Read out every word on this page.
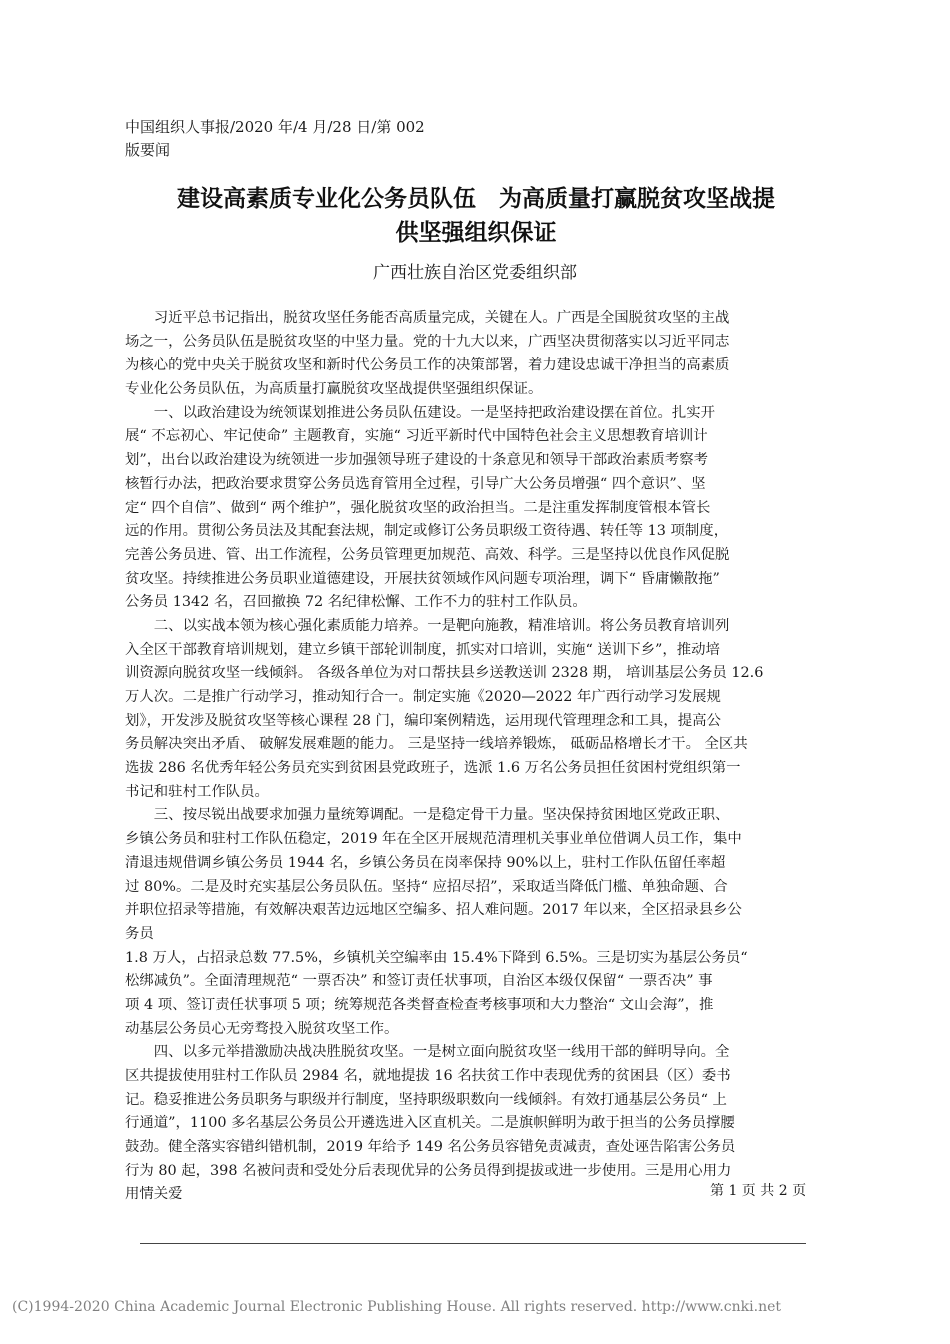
中国组织人事报/2020 年/4 月/28 日/第 002
版要闻
建设高素质专业化公务员队伍　为高质量打赢脱贫攻坚战提
供坚强组织保证
广西壮族自治区党委组织部
　　习近平总书记指出，脱贫攻坚任务能否高质量完成，关键在人。广西是全国脱贫攻坚的主战
场之一，公务员队伍是脱贫攻坚的中坚力量。党的十九大以来，广西坚决贯彻落实以习近平同志
为核心的党中央关于脱贫攻坚和新时代公务员工作的决策部署，着力建设忠诚干净担当的高素质
专业化公务员队伍，为高质量打赢脱贫攻坚战提供坚强组织保证。
　　一、以政治建设为统领谋划推进公务员队伍建设。一是坚持把政治建设摆在首位。扎实开
展“ 不忘初心、牢记使命” 主题教育，实施“ 习近平新时代中国特色社会主义思想教育培训计
划”，出台以政治建设为统领进一步加强领导班子建设的十条意见和领导干部政治素质考察考
核暂行办法，把政治要求贯穿公务员选育管用全过程，引导广大公务员增强“ 四个意识”、坚
定“ 四个自信”、做到“ 两个维护”，强化脱贫攻坚的政治担当。二是注重发挥制度管根本管长
远的作用。贯彻公务员法及其配套法规，制定或修订公务员职级工资待遇、转任等 13 项制度，
完善公务员进、管、出工作流程，公务员管理更加规范、高效、科学。三是坚持以优良作风促脱
贫攻坚。持续推进公务员职业道德建设，开展扶贫领域作风问题专项治理，调下“ 昏庸懒散拖”
公务员 1342 名，召回撤换 72 名纪律松懈、工作不力的驻村工作队员。
　　二、以实战本领为核心强化素质能力培养。一是靶向施教，精准培训。将公务员教育培训列
入全区干部教育培训规划，建立乡镇干部轮训制度，抓实对口培训，实施“ 送训下乡”，推动培
训资源向脱贫攻坚一线倾斜。 各级各单位为对口帮扶县乡送教送训 2328 期， 培训基层公务员 12.6
万人次。二是推广行动学习，推动知行合一。制定实施《2020—2022 年广西行动学习发展规
划》，开发涉及脱贫攻坚等核心课程 28 门，编印案例精选，运用现代管理理念和工具，提高公
务员解决突出矛盾、 破解发展难题的能力。 三是坚持一线培养锻炼， 砥砺品格增长才干。 全区共
选拔 286 名优秀年轻公务员充实到贫困县党政班子，选派 1.6 万名公务员担任贫困村党组织第一
书记和驻村工作队员。
　　三、按尽锐出战要求加强力量统筹调配。一是稳定骨干力量。坚决保持贫困地区党政正职、
乡镇公务员和驻村工作队伍稳定，2019 年在全区开展规范清理机关事业单位借调人员工作，集中
清退违规借调乡镇公务员 1944 名，乡镇公务员在岗率保持 90%以上，驻村工作队伍留任率超
过 80%。二是及时充实基层公务员队伍。坚持“ 应招尽招”，采取适当降低门槛、单独命题、合
并职位招录等措施，有效解决艰苦边远地区空编多、招人难问题。2017 年以来，全区招录县乡公
务员
1.8 万人，占招录总数 77.5%，乡镇机关空编率由 15.4%下降到 6.5%。三是切实为基层公务员“
松绑减负”。全面清理规范“ 一票否决” 和签订责任状事项，自治区本级仅保留“ 一票否决” 事
项 4 项、签订责任状事项 5 项；统筹规范各类督查检查考核事项和大力整治“ 文山会海”，推
动基层公务员心无旁骛投入脱贫攻坚工作。
　　四、以多元举措激励决战决胜脱贫攻坚。一是树立面向脱贫攻坚一线用干部的鲜明导向。全
区共提拔使用驻村工作队员 2984 名，就地提拔 16 名扶贫工作中表现优秀的贫困县（区）委书
记。稳妥推进公务员职务与职级并行制度，坚持职级职数向一线倾斜。有效打通基层公务员“ 上
行通道”，1100 多名基层公务员公开遴选进入区直机关。二是旗帜鲜明为敢于担当的公务员撑腰
鼓劲。健全落实容错纠错机制，2019 年给予 149 名公务员容错免责减责，查处诬告陷害公务员
行为 80 起，398 名被问责和受处分后表现优异的公务员得到提拔或进一步使用。三是用心用力
用情关爱	第 1 页 共 2 页
(C)1994-2020 China Academic Journal Electronic Publishing House. All rights reserved. http://www.cnki.net
